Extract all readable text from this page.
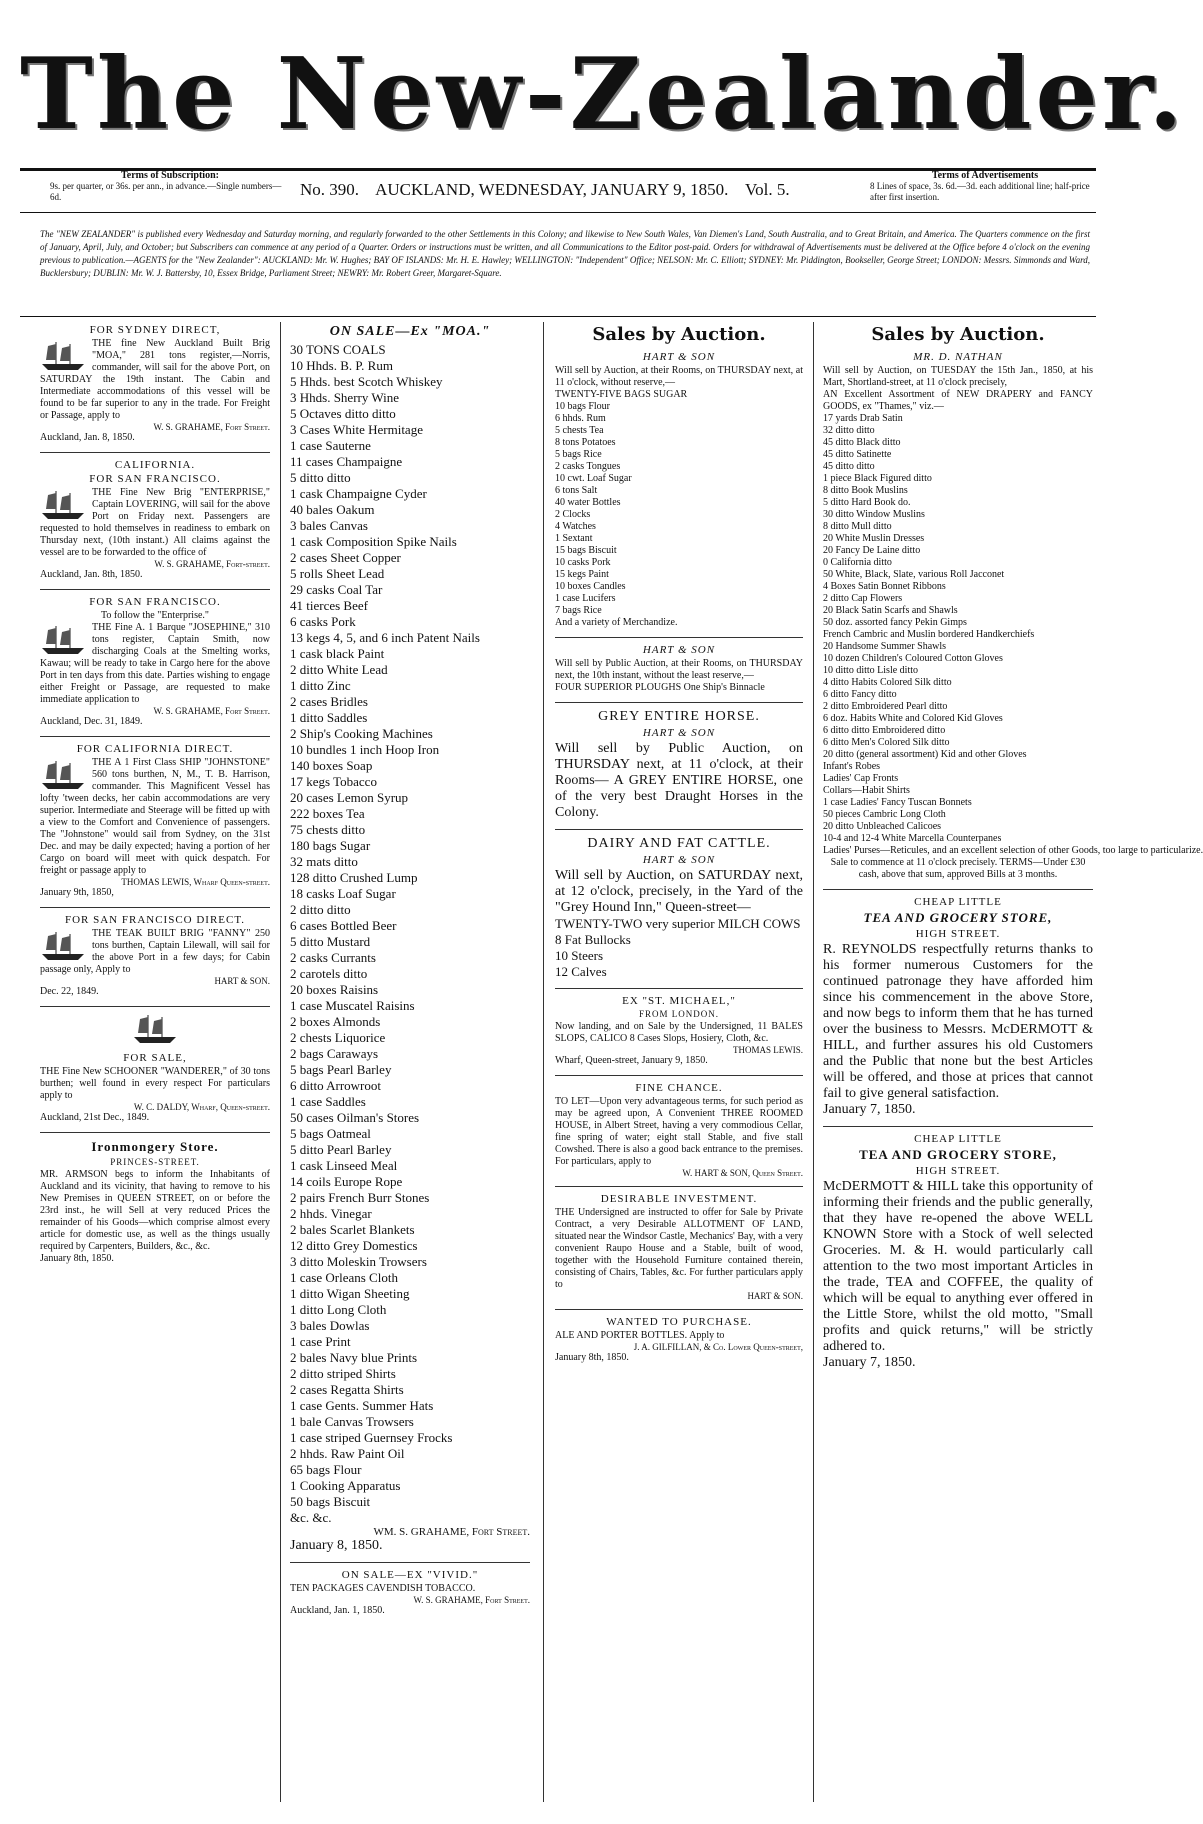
The New-Zealander.
Terms of Subscription:
9s. per quarter, or 36s. per ann., in advance.—Single numbers—6d.	No. 390. AUCKLAND, WEDNESDAY, JANUARY 9, 1850. Vol. 5.
Terms of Advertisements
8 Lines of space, 3s. 6d.—3d. each additional line; half-price after first insertion.
The "NEW ZEALANDER" is published every Wednesday and Saturday morning, and regularly forwarded to the other Settlements in this Colony; and likewise to New South Wales, Van Diemen's Land, South Australia, and to Great Britain, and America. The Quarters commence on the first of January, April, July, and October; but Subscribers can commence at any period of a Quarter. Orders or instructions must be written, and all Communications to the Editor post-paid. Orders for withdrawal of Advertisements must be delivered at the Office before 4 o'clock on the evening previous to publication.—AGENTS for the "New Zealander": AUCKLAND: Mr. W. Hughes; BAY OF ISLANDS: Mr. H. E. Hawley; WELLINGTON: "Independent" Office; NELSON: Mr. C. Elliott; SYDNEY: Mr. Piddington, Bookseller, George Street; LONDON: Messrs. Simmonds and Ward, Bucklersbury; DUBLIN: Mr. W. J. Battersby, 10, Essex Bridge, Parliament Street; NEWRY: Mr. Robert Greer, Margaret-Square.
FOR SYDNEY DIRECT,
THE fine New Auckland Built Brig "MOA," 281 tons register,—Norris, commander, will sail for the above Port, on SATURDAY the 19th instant. The Cabin and Intermediate accommodations of this vessel will be found to be far superior to any in the trade. For Freight or Passage, apply to
W. S. GRAHAME, Fort Street.
Auckland, Jan. 8, 1850.
CALIFORNIA.
FOR SAN FRANCISCO.
THE Fine New Brig "ENTERPRISE," Captain LOVERING, will sail for the above Port on Friday next. Passengers are requested to hold themselves in readiness to embark on Thursday next, (10th instant.) All claims against the vessel are to be forwarded to the office of
W. S. GRAHAME, Fort-street.
Auckland, Jan. 8th, 1850.
FOR SAN FRANCISCO.
To follow the "Enterprise."
THE Fine A. 1 Barque "JOSEPHINE," 310 tons register, Captain Smith, now discharging Coals at the Smelting works, Kawau; will be ready to take in Cargo here for the above Port in ten days from this date. Parties wishing to engage either Freight or Passage, are requested to make immediate application to
W. S. GRAHAME, Fort Street.
Auckland, Dec. 31, 1849.
FOR CALIFORNIA DIRECT.
THE A 1 First Class SHIP "JOHNSTONE" 560 tons burthen, N, M., T. B. Harrison, commander. This Magnificent Vessel has lofty 'tween decks, her cabin accommodations are very superior. Intermediate and Steerage will be fitted up with a view to the Comfort and Convenience of passengers. The "Johnstone" would sail from Sydney, on the 31st Dec. and may be daily expected; having a portion of her Cargo on board will meet with quick despatch. For freight or passage apply to
THOMAS LEWIS, Wharf Queen-street.
January 9th, 1850,
FOR SAN FRANCISCO DIRECT.
THE TEAK BUILT BRIG "FANNY" 250 tons burthen, Captain Lilewall, will sail for the above Port in a few days; for Cabin passage only, Apply to
HART & SON.
Dec. 22, 1849.
FOR SALE,
THE Fine New SCHOONER "WANDERER," of 30 tons burthen; well found in every respect For particulars apply to
W. C. DALDY, Wharf, Queen-street.
Auckland, 21st Dec., 1849.
Ironmongery Store.
PRINCES-STREET.
MR. ARMSON begs to inform the Inhabitants of Auckland and its vicinity, that having to remove to his New Premises in QUEEN STREET, on or before the 23rd inst., he will Sell at very reduced Prices the remainder of his Goods—which comprise almost every article for domestic use, as well as the things usually required by Carpenters, Builders, &c., &c.
January 8th, 1850.
ON SALE—Ex "MOA."
30 TONS COALS
10 Hhds. B. P. Rum
5 Hhds. best Scotch Whiskey
3 Hhds. Sherry Wine
5 Octaves ditto ditto
3 Cases White Hermitage
1 case Sauterne
11 cases Champaigne
5 ditto ditto
1 cask Champaigne Cyder
40 bales Oakum
3 bales Canvas
1 cask Composition Spike Nails
2 cases Sheet Copper
5 rolls Sheet Lead
29 casks Coal Tar
41 tierces Beef
6 casks Pork
13 kegs 4, 5, and 6 inch Patent Nails
1 cask black Paint
2 ditto White Lead
1 ditto Zinc
2 cases Bridles
1 ditto Saddles
2 Ship's Cooking Machines
10 bundles 1 inch Hoop Iron
140 boxes Soap
17 kegs Tobacco
20 cases Lemon Syrup
222 boxes Tea
75 chests ditto
180 bags Sugar
32 mats ditto
128 ditto Crushed Lump
18 casks Loaf Sugar
2 ditto ditto
6 cases Bottled Beer
5 ditto Mustard
2 casks Currants
2 carotels ditto
20 boxes Raisins
1 case Muscatel Raisins
2 boxes Almonds
2 chests Liquorice
2 bags Caraways
5 bags Pearl Barley
6 ditto Arrowroot
1 case Saddles
50 cases Oilman's Stores
5 bags Oatmeal
5 ditto Pearl Barley
1 cask Linseed Meal
14 coils Europe Rope
2 pairs French Burr Stones
2 hhds. Vinegar
2 bales Scarlet Blankets
12 ditto Grey Domestics
3 ditto Moleskin Trowsers
1 case Orleans Cloth
1 ditto Wigan Sheeting
1 ditto Long Cloth
3 bales Dowlas
1 case Print
2 bales Navy blue Prints
2 ditto striped Shirts
2 cases Regatta Shirts
1 case Gents. Summer Hats
1 bale Canvas Trowsers
1 case striped Guernsey Frocks
2 hhds. Raw Paint Oil
65 bags Flour
1 Cooking Apparatus
50 bags Biscuit
&c. &c.
WM. S. GRAHAME, Fort Street.
January 8, 1850.
ON SALE—EX "VIVID."
TEN PACKAGES CAVENDISH TOBACCO.
W. S. GRAHAME, Fort Street.
Auckland, Jan. 1, 1850.
Sales by Auction.
HART & SON
Will sell by Auction, at their Rooms, on THURSDAY next, at 11 o'clock, without reserve,—
TWENTY-FIVE BAGS SUGAR
10 bags Flour
6 hhds. Rum
5 chests Tea
8 tons Potatoes
5 bags Rice
2 casks Tongues
10 cwt. Loaf Sugar
6 tons Salt
40 water Bottles
2 Clocks
4 Watches
1 Sextant
15 bags Biscuit
10 casks Pork
15 kegs Paint
10 boxes Candles
1 case Lucifers
7 bags Rice
And a variety of Merchandize.
HART & SON
Will sell by Public Auction, at their Rooms, on THURSDAY next, the 10th instant, without the least reserve,—
FOUR SUPERIOR PLOUGHS One Ship's Binnacle
GREY ENTIRE HORSE.
HART & SON
Will sell by Public Auction, on THURSDAY next, at 11 o'clock, at their Rooms— A GREY ENTIRE HORSE, one of the very best Draught Horses in the Colony.
DAIRY AND FAT CATTLE.
HART & SON
Will sell by Auction, on SATURDAY next, at 12 o'clock, precisely, in the Yard of the "Grey Hound Inn," Queen-street—
TWENTY-TWO very superior MILCH COWS
8 Fat Bullocks
10 Steers
12 Calves
EX "ST. MICHAEL,"
FROM LONDON.
Now landing, and on Sale by the Undersigned, 11 BALES SLOPS, CALICO 8 Cases Slops, Hosiery, Cloth, &c.
THOMAS LEWIS.
Wharf, Queen-street, January 9, 1850.
FINE CHANCE.
TO LET—Upon very advantageous terms, for such period as may be agreed upon, A Convenient THREE ROOMED HOUSE, in Albert Street, having a very commodious Cellar, fine spring of water; eight stall Stable, and five stall Cowshed. There is also a good back entrance to the premises. For particulars, apply to
W. HART & SON, Queen Street.
DESIRABLE INVESTMENT.
THE Undersigned are instructed to offer for Sale by Private Contract, a very Desirable ALLOTMENT OF LAND, situated near the Windsor Castle, Mechanics' Bay, with a very convenient Raupo House and a Stable, built of wood, together with the Household Furniture contained therein, consisting of Chairs, Tables, &c. For further particulars apply to
HART & SON.
WANTED TO PURCHASE.
ALE AND PORTER BOTTLES. Apply to
J. A. GILFILLAN, & Co. Lower Queen-street,
January 8th, 1850.
Sales by Auction.
MR. D. NATHAN
Will sell by Auction, on TUESDAY the 15th Jan., 1850, at his Mart, Shortland-street, at 11 o'clock precisely,
AN Excellent Assortment of NEW DRAPERY and FANCY GOODS, ex "Thames," viz.—
17 yards Drab Satin
32 ditto ditto
45 ditto Black ditto
45 ditto Satinette
45 ditto ditto
1 piece Black Figured ditto
8 ditto Book Muslins
5 ditto Hard Book do.
30 ditto Window Muslins
8 ditto Mull ditto
20 White Muslin Dresses
20 Fancy De Laine ditto
0 California ditto
50 White, Black, Slate, various Roll Jacconet
4 Boxes Satin Bonnet Ribbons
2 ditto Cap Flowers
20 Black Satin Scarfs and Shawls
50 doz. assorted fancy Pekin Gimps
French Cambric and Muslin bordered Handkerchiefs
20 Handsome Summer Shawls
10 dozen Children's Coloured Cotton Gloves
10 ditto ditto Lisle ditto
4 ditto Habits Colored Silk ditto
6 ditto Fancy ditto
2 ditto Embroidered Pearl ditto
6 doz. Habits White and Colored Kid Gloves
6 ditto ditto Embroidered ditto
6 ditto Men's Colored Silk ditto
20 ditto (general assortment) Kid and other Gloves
Infant's Robes
Ladies' Cap Fronts
Collars—Habit Shirts
1 case Ladies' Fancy Tuscan Bonnets
50 pieces Cambric Long Cloth
20 ditto Unbleached Calicoes
10-4 and 12-4 White Marcella Counterpanes
Ladies' Purses—Reticules, and an excellent selection of other Goods, too large to particularize.
Sale to commence at 11 o'clock precisely. TERMS—Under £30 cash, above that sum, approved Bills at 3 months.
CHEAP LITTLE
TEA AND GROCERY STORE,
HIGH STREET.
R. REYNOLDS respectfully returns thanks to his former numerous Customers for the continued patronage they have afforded him since his commencement in the above Store, and now begs to inform them that he has turned over the business to Messrs. McDERMOTT & HILL, and further assures his old Customers and the Public that none but the best Articles will be offered, and those at prices that cannot fail to give general satisfaction.
January 7, 1850.
CHEAP LITTLE
TEA AND GROCERY STORE,
HIGH STREET.
McDERMOTT & HILL take this opportunity of informing their friends and the public generally, that they have re-opened the above WELL KNOWN Store with a Stock of well selected Groceries. M. & H. would particularly call attention to the two most important Articles in the trade, TEA and COFFEE, the quality of which will be equal to anything ever offered in the Little Store, whilst the old motto, "Small profits and quick returns," will be strictly adhered to.
January 7, 1850.
